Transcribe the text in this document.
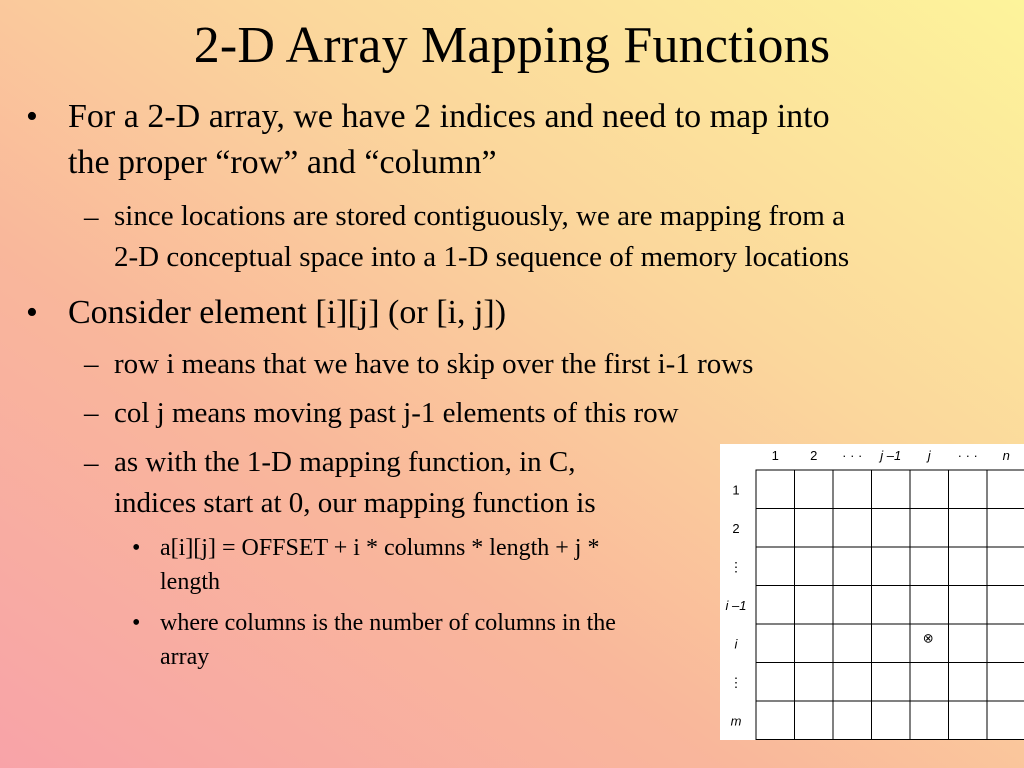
2-D Array Mapping Functions
• For a 2-D array, we have 2 indices and need to map into
the proper “row” and “column”
– since locations are stored contiguously, we are mapping from a
2-D conceptual space into a 1-D sequence of memory locations
• Consider element [i][j] (or [i, j])
– row i means that we have to skip over the first i-1 rows
– col j means moving past j-1 elements of this row
– as with the 1-D mapping function, in C,
indices start at 0, our mapping function is
• a[i][j] = OFFSET + i * columns * length + j *
length
• where columns is the number of columns in the
array
1 2 · · · j –1 j · · · n
1
2
⋮
i –1
i
⋮
m
⊗
